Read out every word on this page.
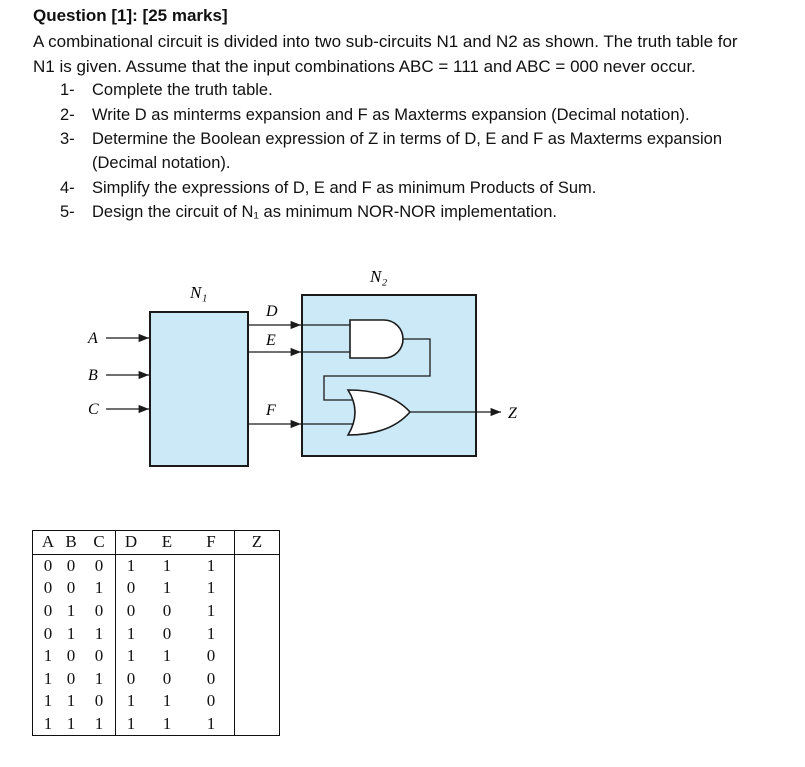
Question [1]: [25 marks]
A combinational circuit is divided into two sub-circuits N1 and N2 as shown. The truth table for
N1 is given. Assume that the input combinations ABC = 111 and ABC = 000 never occur.
1- Complete the truth table.
2- Write D as minterms expansion and F as Maxterms expansion (Decimal notation).
3- Determine the Boolean expression of Z in terms of D, E and F as Maxterms expansion
(Decimal notation).
4- Simplify the expressions of D, E and F as minimum Products of Sum.
5- Design the circuit of N₁ as minimum NOR-NOR implementation.
N₁
N₂
A
B
C
D
E
F	Z
A	B	C	D	E	F	Z
0	0	0	1	1	1	
0	0	1	0	1	1	
0	1	0	0	0	1	
0	1	1	1	0	1	
1	0	0	1	1	0	
1	0	1	0	0	0	
1	1	0	1	1	0	
1	1	1	1	1	1	
